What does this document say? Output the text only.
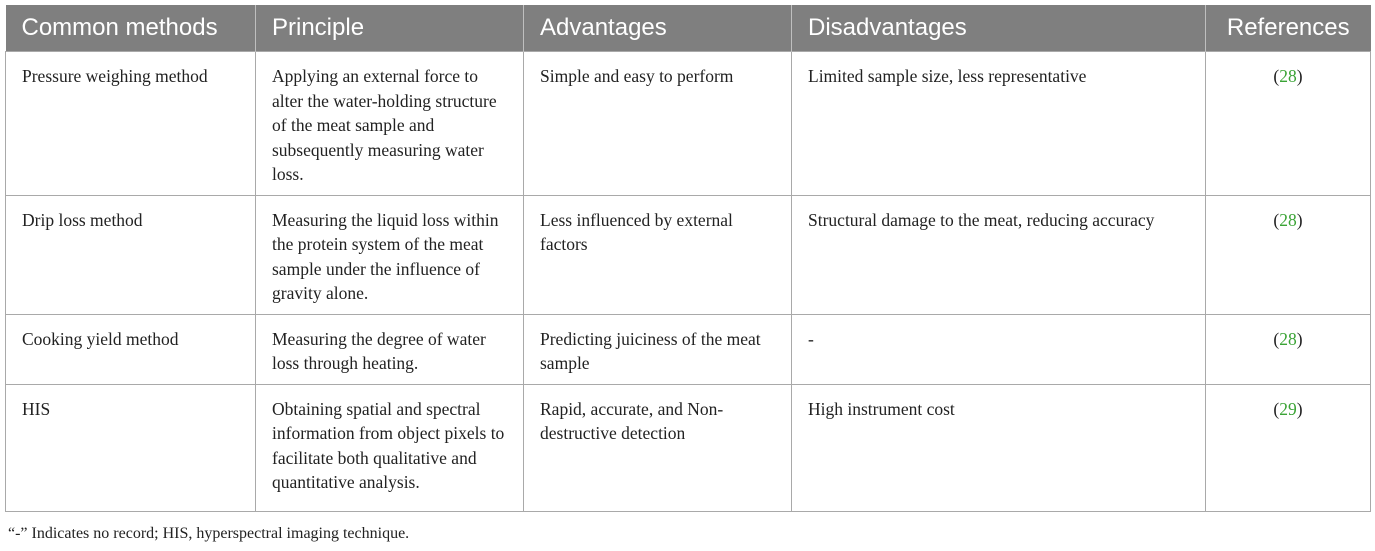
Common methods	Principle	Advantages	Disadvantages	References
Pressure weighing method	Applying an external force to alter the water-holding structure of the meat sample and subsequently measuring water loss.	Simple and easy to perform	Limited sample size, less representative	(28)
Drip loss method	Measuring the liquid loss within the protein system of the meat sample under the influence of gravity alone.	Less influenced by external factors	Structural damage to the meat, reducing accuracy	(28)
Cooking yield method	Measuring the degree of water loss through heating.	Predicting juiciness of the meat sample	-	(28)
HIS	Obtaining spatial and spectral information from object pixels to facilitate both qualitative and quantitative analysis.	Rapid, accurate, and Non-destructive detection	High instrument cost	(29)
“-” Indicates no record; HIS, hyperspectral imaging technique.
